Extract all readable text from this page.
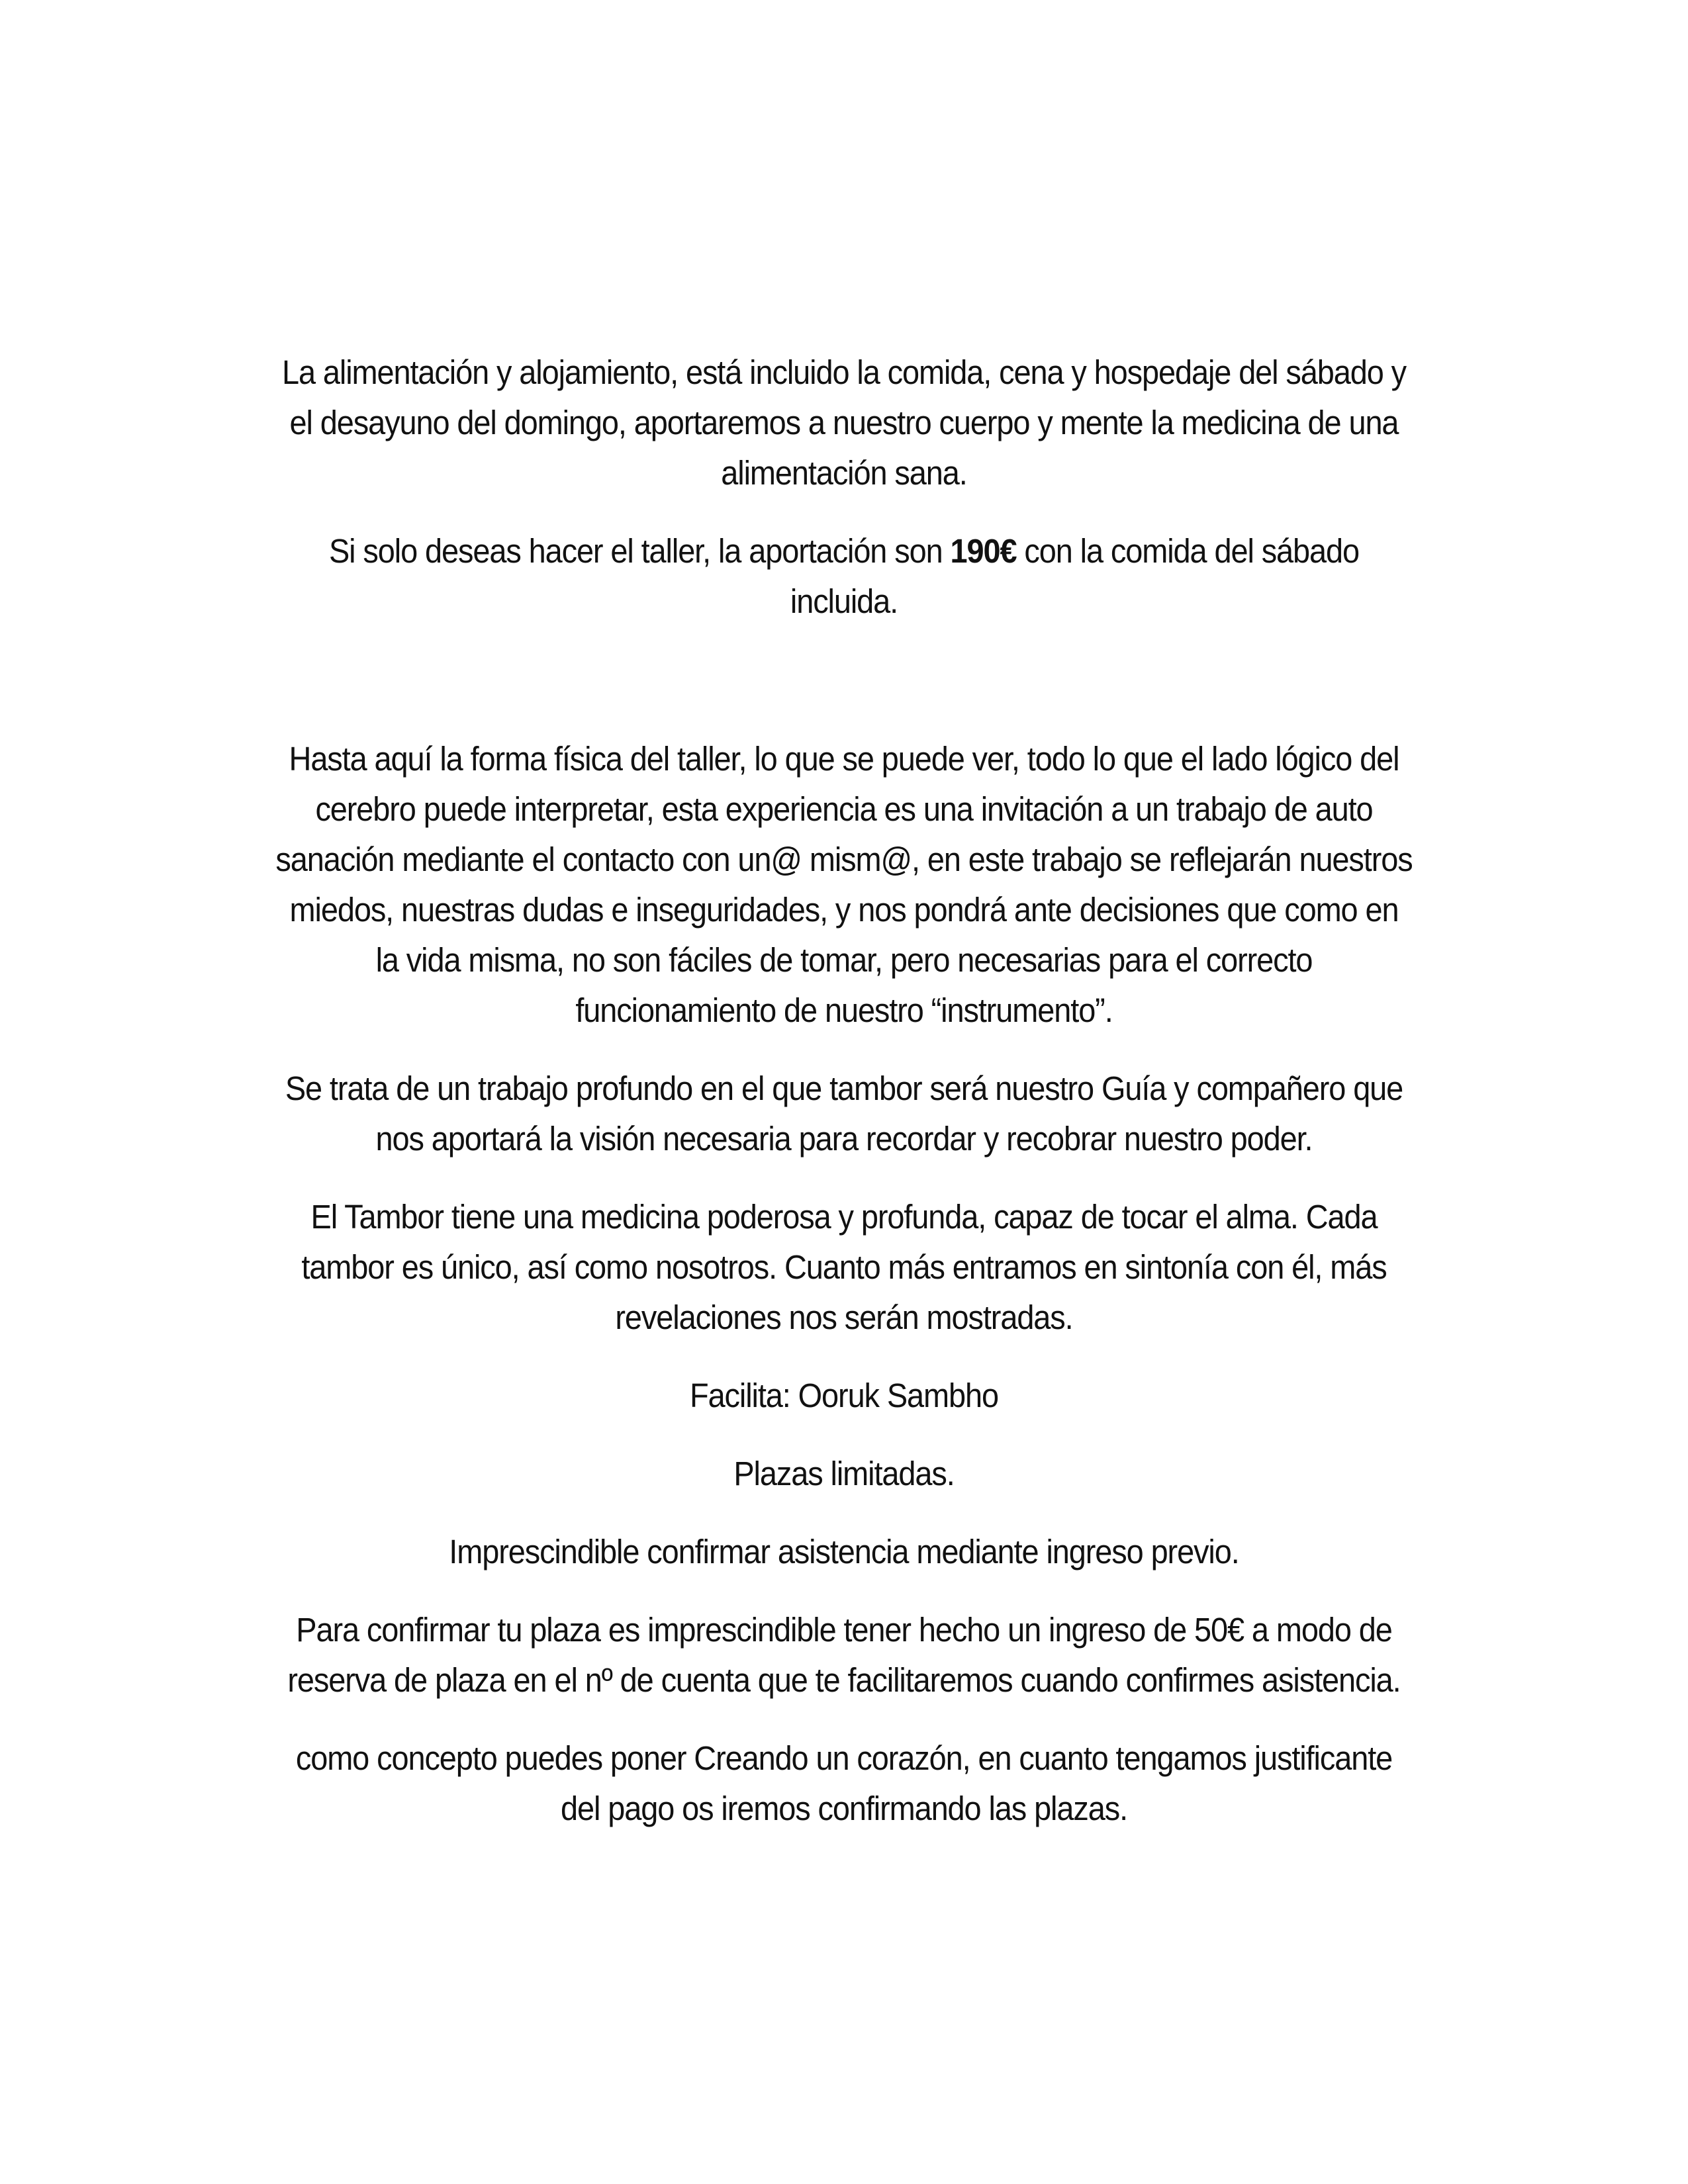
La alimentación y alojamiento, está incluido la comida, cena y hospedaje del sábado y el desayuno del domingo, aportaremos a nuestro cuerpo y mente la medicina de una alimentación sana.

Si solo deseas hacer el taller, la aportación son 190€ con la comida del sábado incluida.

Hasta aquí la forma física del taller, lo que se puede ver, todo lo que el lado lógico del cerebro puede interpretar, esta experiencia es una invitación a un trabajo de auto sanación mediante el contacto con un@ mism@, en este trabajo se reflejarán nuestros miedos, nuestras dudas e inseguridades, y nos pondrá ante decisiones que como en la vida misma, no son fáciles de tomar, pero necesarias para el correcto funcionamiento de nuestro “instrumento”.

Se trata de un trabajo profundo en el que tambor será nuestro Guía y compañero que nos aportará la visión necesaria para recordar y recobrar nuestro poder.

El Tambor tiene una medicina poderosa y profunda, capaz de tocar el alma. Cada tambor es único, así como nosotros. Cuanto más entramos en sintonía con él, más revelaciones nos serán mostradas.

Facilita: Ooruk Sambho

Plazas limitadas.

Imprescindible confirmar asistencia mediante ingreso previo.

Para confirmar tu plaza es imprescindible tener hecho un ingreso de 50€ a modo de reserva de plaza en el nº de cuenta que te facilitaremos cuando confirmes asistencia.

como concepto puedes poner Creando un corazón, en cuanto tengamos justificante del pago os iremos confirmando las plazas.
